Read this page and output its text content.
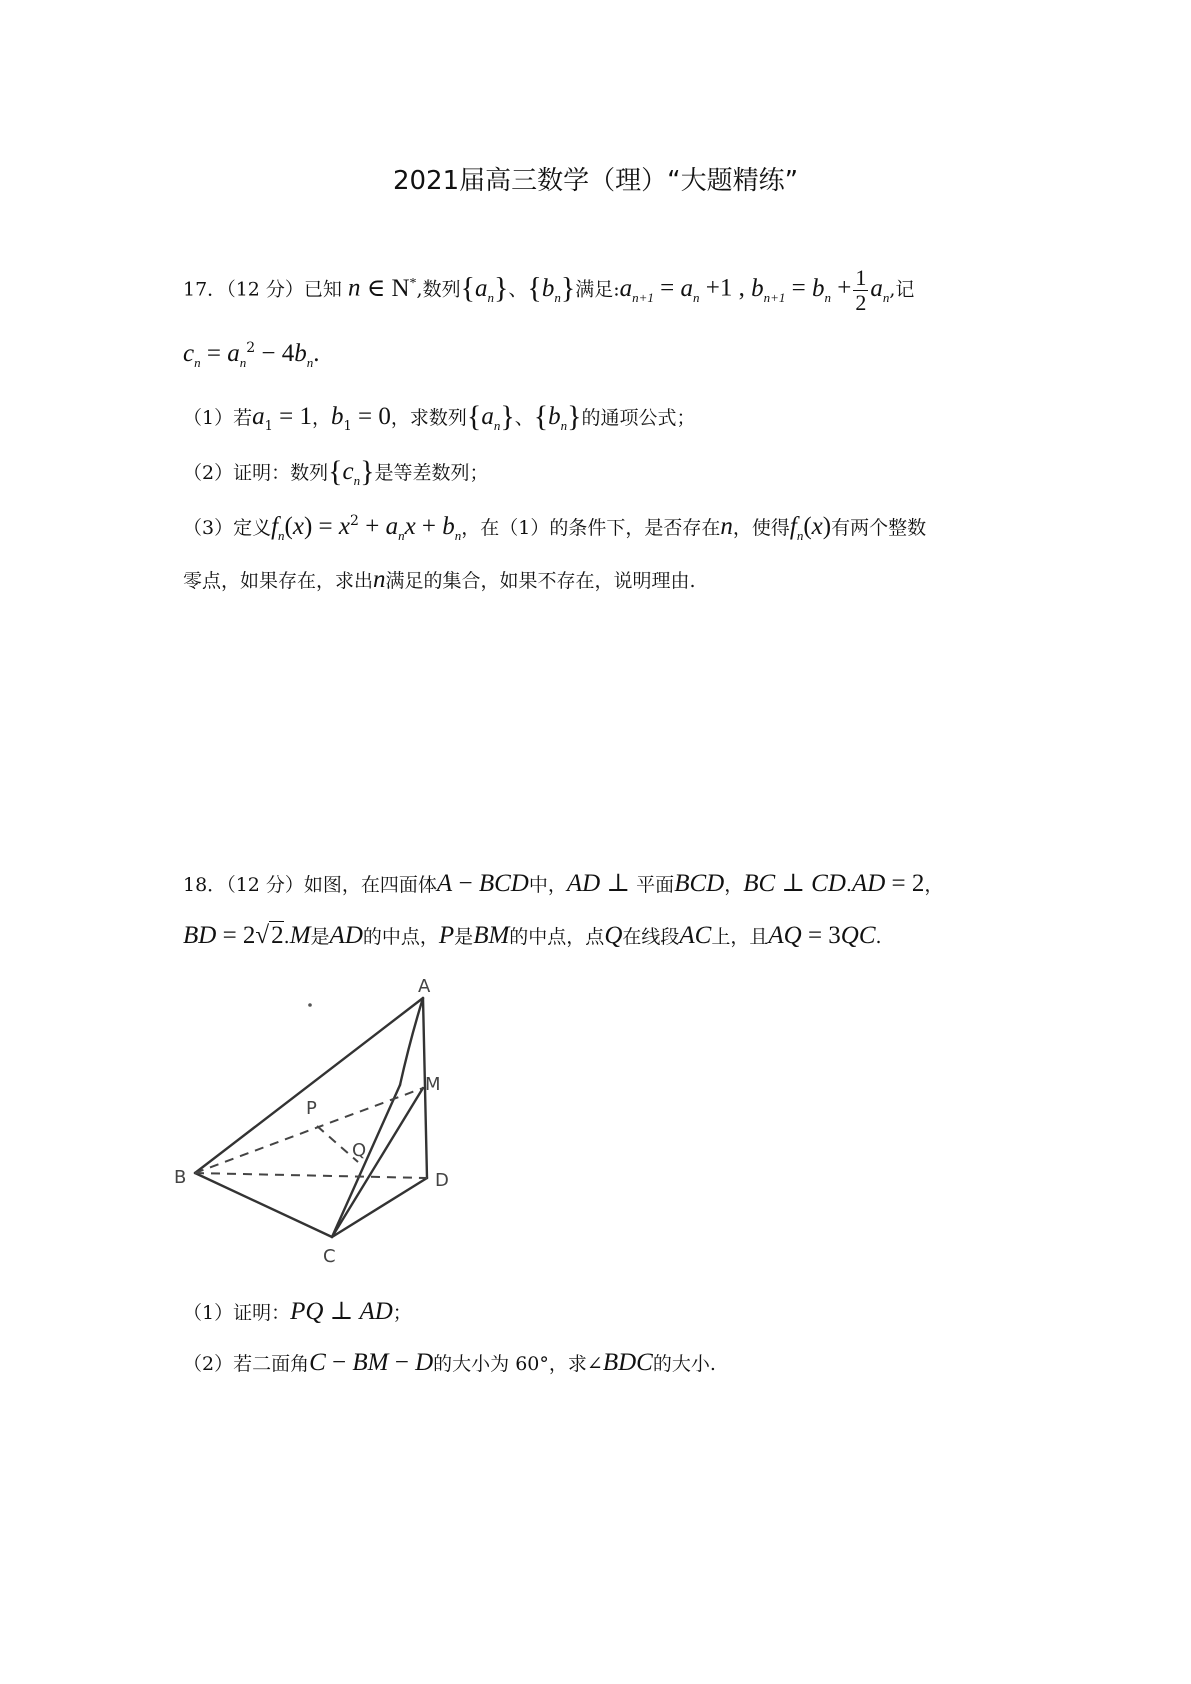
2021届高三数学（理）“大题精练”
17．（12 分）已知 n ∈ N*,数列$\{a_n\}$、$\{b_n\}$满足$:a_{n+1} = a_n +1$ , $b_{n+1} = b_n + \frac{1}{2} a_n$,记
$c_n = a_n^2 - 4b_n$.
（1）若$a_1 = 1$，$b_1 = 0$，求数列$\{a_n\}$、$\{b_n\}$的通项公式；
（2）证明：数列$\{c_n\}$是等差数列；
（3）定义$f_n(x) = x^2 + a_nx + b_n$，在（1）的条件下，是否存在n，使得$f_n(x)$有两个整数
零点，如果存在，求出n满足的集合，如果不存在，说明理由.
18．（12 分）如图，在四面体A − BCD中，AD ⊥ 平面BCD，BC ⊥ CD.AD = 2，
BD = 2√2.M是AD的中点，P是BM的中点，点Q在线段AC上，且AQ = 3QC.
A
M
P
Q
B	D
C
（1）证明：PQ ⊥ AD；
（2）若二面角C − BM − D的大小为 60°，求∠BDC的大小.
